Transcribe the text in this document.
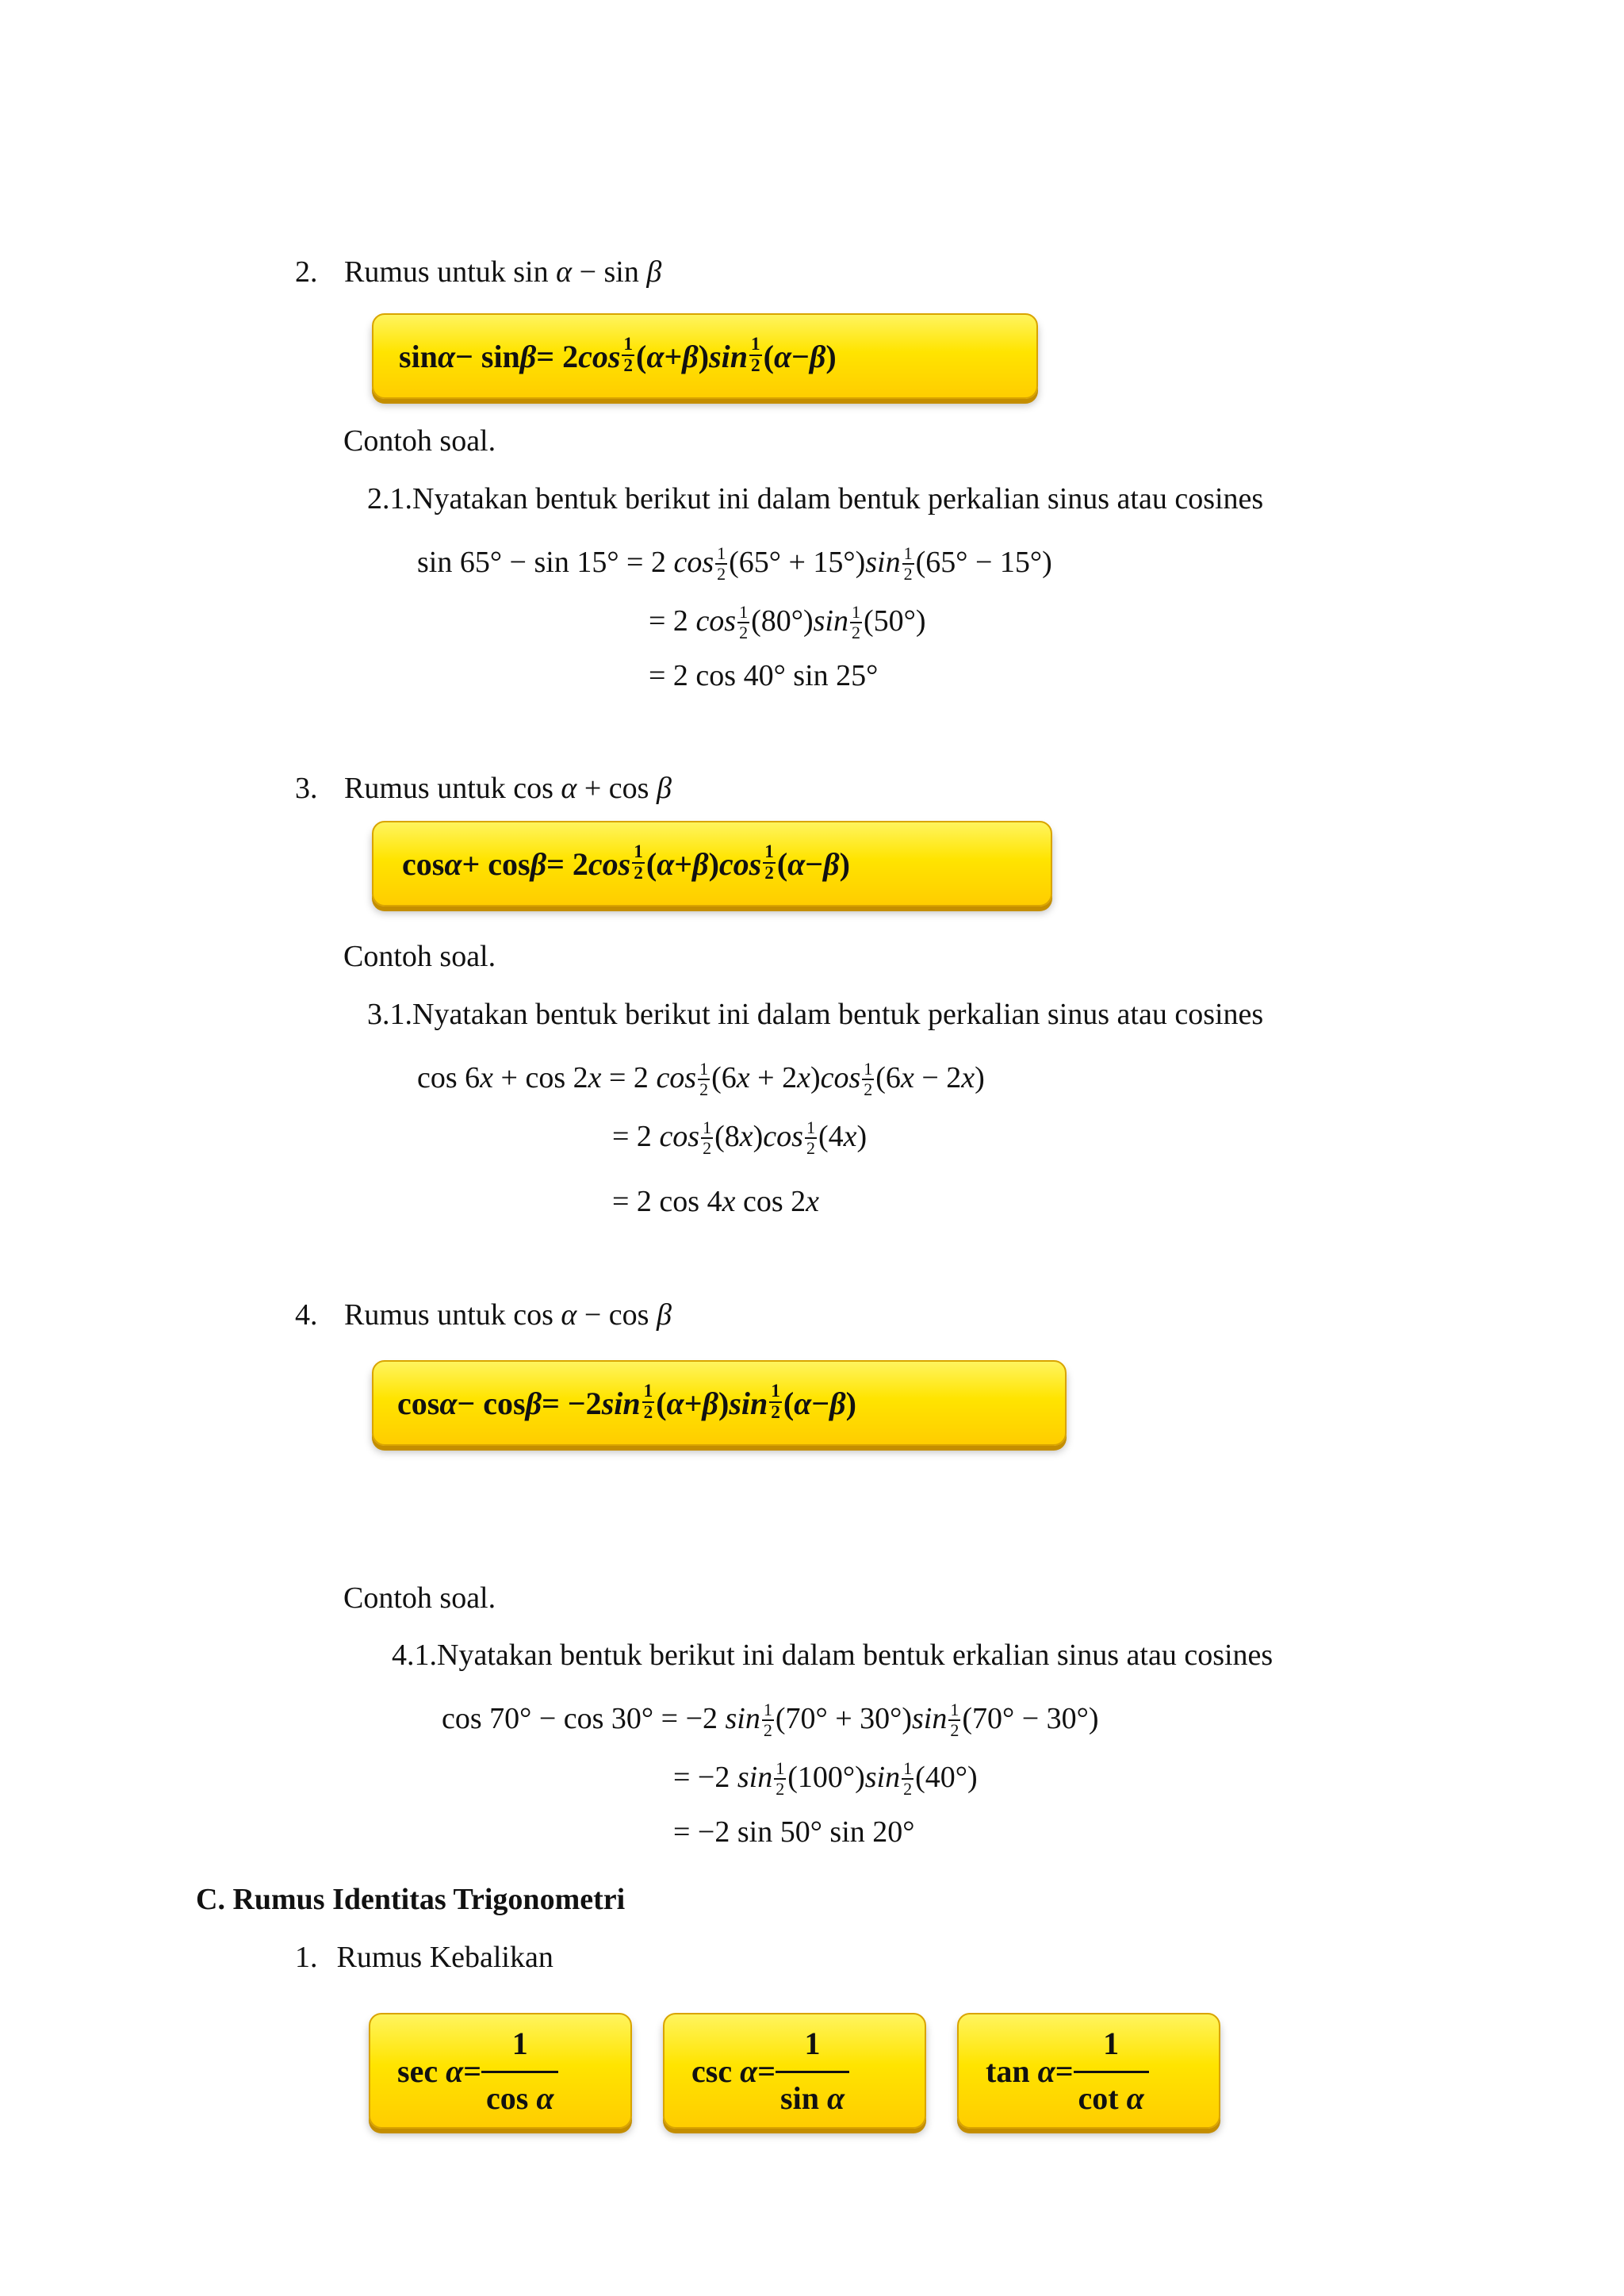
2. Rumus untuk sin α − sin β
sin α − sin β = 2 $\cos \frac{1}{2}$ ( α + β ) $\sin \frac{1}{2}$ ( α − β )
Contoh soal.
2.1.Nyatakan bentuk berikut ini dalam bentuk perkalian sinus atau cosines
sin 65° − sin 15° = 2 $\cos \frac{1}{2} (65^\circ + 15^\circ)\sin \frac{1}{2} (65^\circ - 15^\circ)$
= 2 $\cos \frac{1}{2} (80^\circ)\sin \frac{1}{2} (50^\circ)$
= 2 cos 40° sin 25°
3. Rumus untuk cos α + cos β
cos α + cos β = 2 $\cos \frac{1}{2}$ ( α + β ) $\cos \frac{1}{2}$ ( α − β )
Contoh soal.
3.1.Nyatakan bentuk berikut ini dalam bentuk perkalian sinus atau cosines
cos 6x + cos 2x = 2 $\cos \frac{1}{2} (6x + 2x)\cos \frac{1}{2} (6x - 2x)$
= 2 $\cos \frac{1}{2} (8x)\cos \frac{1}{2} (4x)$
= 2 cos 4x cos 2x
4. Rumus untuk cos α − cos β
cos α − cos β = −2 $\sin \frac{1}{2}$ ( α + β ) $\sin \frac{1}{2}$ ( α − β )
Contoh soal.
4.1.Nyatakan bentuk berikut ini dalam bentuk erkalian sinus atau cosines
cos 70° − cos 30° = −2 $\sin \frac{1}{2} (70^\circ + 30^\circ)\sin \frac{1}{2} (70^\circ - 30^\circ)$
= −2 $\sin \frac{1}{2} (100^\circ)\sin \frac{1}{2} (40^\circ)$
= −2 sin 50° sin 20°
C. Rumus Identitas Trigonometri
1. Rumus Kebalikan
sec
$\alpha = \frac{1}{\text{cos α}}$	csc
$\alpha = \frac{1}{\text{sin α}}$	tan
$\alpha = \frac{1}{\text{cot α}}$
